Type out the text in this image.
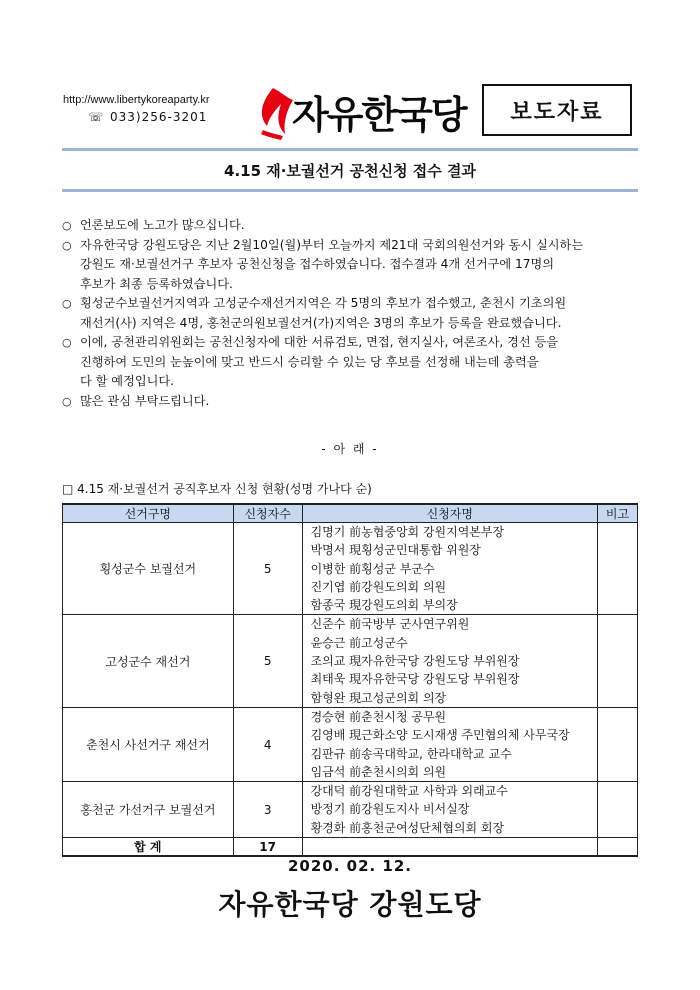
http://www.libertykoreaparty.kr
☏ 033)256-3201 자유한국당	보도자료
4.15 재·보궐선거 공천신청 접수 결과
○ 언론보도에 노고가 많으십니다.
○ 자유한국당 강원도당은 지난 2월10일(월)부터 오늘까지 제21대 국회의원선거와 동시 실시하는
강원도 재·보궐선거구 후보자 공천신청을 접수하였습니다. 접수결과 4개 선거구에 17명의
후보가 최종 등록하였습니다.
○ 횡성군수보궐선거지역과 고성군수재선거지역은 각 5명의 후보가 접수했고, 춘천시 기초의원
재선거(사) 지역은 4명, 홍천군의원보궐선거(가)지역은 3명의 후보가 등록을 완료했습니다.
○ 이에, 공천관리위원회는 공천신청자에 대한 서류검토, 면접, 현지실사, 여론조사, 경선 등을
진행하여 도민의 눈높이에 맞고 반드시 승리할 수 있는 당 후보를 선정해 내는데 총력을
다 할 예정입니다.
○ 많은 관심 부탁드립니다.
- 아 래 -
□ 4.15 재·보궐선거 공직후보자 신청 현황(성명 가나다 순)
선거구명	신청자수	신청자명	비고
횡성군수 보궐선거	5	김명기 前농협중앙회 강원지역본부장
박명서 現횡성군민대통합 위원장
이병한 前횡성군 부군수
진기엽 前강원도의회 의원
함종국 現강원도의회 부의장	
고성군수 재선거	5	신준수 前국방부 군사연구위원
윤승근 前고성군수
조의교 現자유한국당 강원도당 부위원장
최태욱 現자유한국당 강원도당 부위원장
함형완 現고성군의회 의장	
춘천시 사선거구 재선거	4	경승현 前춘천시청 공무원
김영배 現근화소양 도시재생 주민협의체 사무국장
김판규 前송곡대학교, 한라대학교 교수
임금석 前춘천시의회 의원	
홍천군 가선거구 보궐선거	3	강대덕 前강원대학교 사학과 외래교수
방정기 前강원도지사 비서실장
황경화 前홍천군여성단체협의회 회장	
합 계	17		
2020. 02. 12.
자유한국당 강원도당
